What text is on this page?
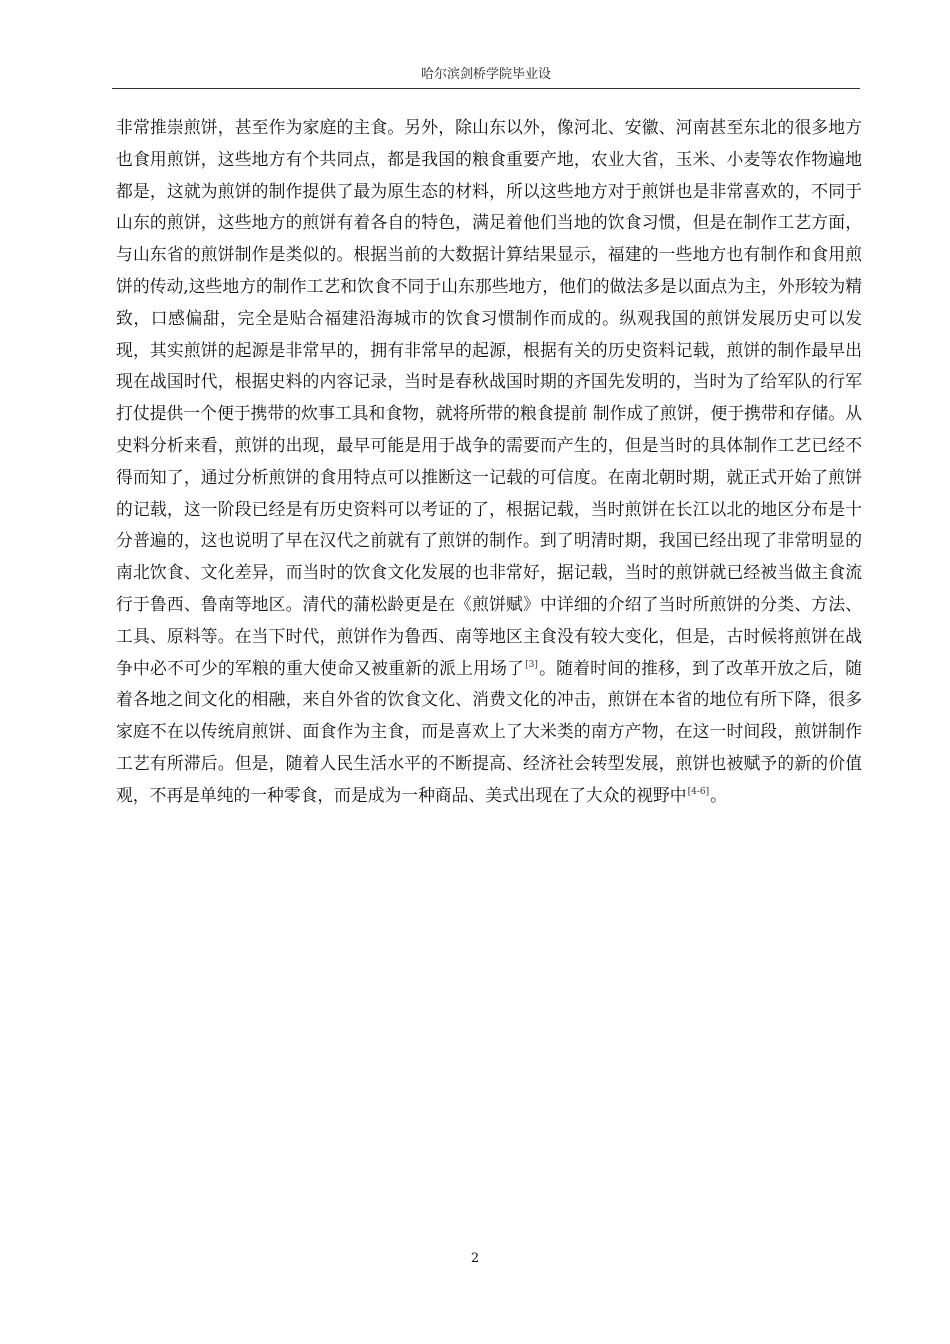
哈尔滨剑桥学院毕业设

非常推崇煎饼，甚至作为家庭的主食。另外，除山东以外，像河北、安徽、河南甚至东北的很多地方也食用煎饼，这些地方有个共同点，都是我国的粮食重要产地，农业大省，玉米、小麦等农作物遍地都是，这就为煎饼的制作提供了最为原生态的材料，所以这些地方对于煎饼也是非常喜欢的，不同于山东的煎饼，这些地方的煎饼有着各自的特色，满足着他们当地的饮食习惯，但是在制作工艺方面，与山东省的煎饼制作是类似的。根据当前的大数据计算结果显示，福建的一些地方也有制作和食用煎饼的传动,这些地方的制作工艺和饮食不同于山东那些地方，他们的做法多是以面点为主，外形较为精致，口感偏甜，完全是贴合福建沿海城市的饮食习惯制作而成的。纵观我国的煎饼发展历史可以发现，其实煎饼的起源是非常早的，拥有非常早的起源，根据有关的历史资料记载，煎饼的制作最早出现在战国时代，根据史料的内容记录，当时是春秋战国时期的齐国先发明的，当时为了给军队的行军打仗提供一个便于携带的炊事工具和食物，就将所带的粮食提前 制作成了煎饼，便于携带和存储。从史料分析来看，煎饼的出现，最早可能是用于战争的需要而产生的，但是当时的具体制作工艺已经不得而知了，通过分析煎饼的食用特点可以推断这一记载的可信度。在南北朝时期，就正式开始了煎饼的记载，这一阶段已经是有历史资料可以考证的了，根据记载，当时煎饼在长江以北的地区分布是十分普遍的，这也说明了早在汉代之前就有了煎饼的制作。到了明清时期，我国已经出现了非常明显的南北饮食、文化差异，而当时的饮食文化发展的也非常好，据记载，当时的煎饼就已经被当做主食流行于鲁西、鲁南等地区。清代的蒲松龄更是在《煎饼赋》中详细的介绍了当时所煎饼的分类、方法、工具、原料等。在当下时代，煎饼作为鲁西、南等地区主食没有较大变化，但是，古时候将煎饼在战争中必不可少的军粮的重大使命又被重新的派上用场了[3]。随着时间的推移，到了改革开放之后，随着各地之间文化的相融，来自外省的饮食文化、消费文化的冲击，煎饼在本省的地位有所下降，很多家庭不在以传统肩煎饼、面食作为主食，而是喜欢上了大米类的南方产物，在这一时间段，煎饼制作工艺有所滞后。但是，随着人民生活水平的不断提高、经济社会转型发展，煎饼也被赋予的新的价值观，不再是单纯的一种零食，而是成为一种商品、美式出现在了大众的视野中[4-6]。

2
